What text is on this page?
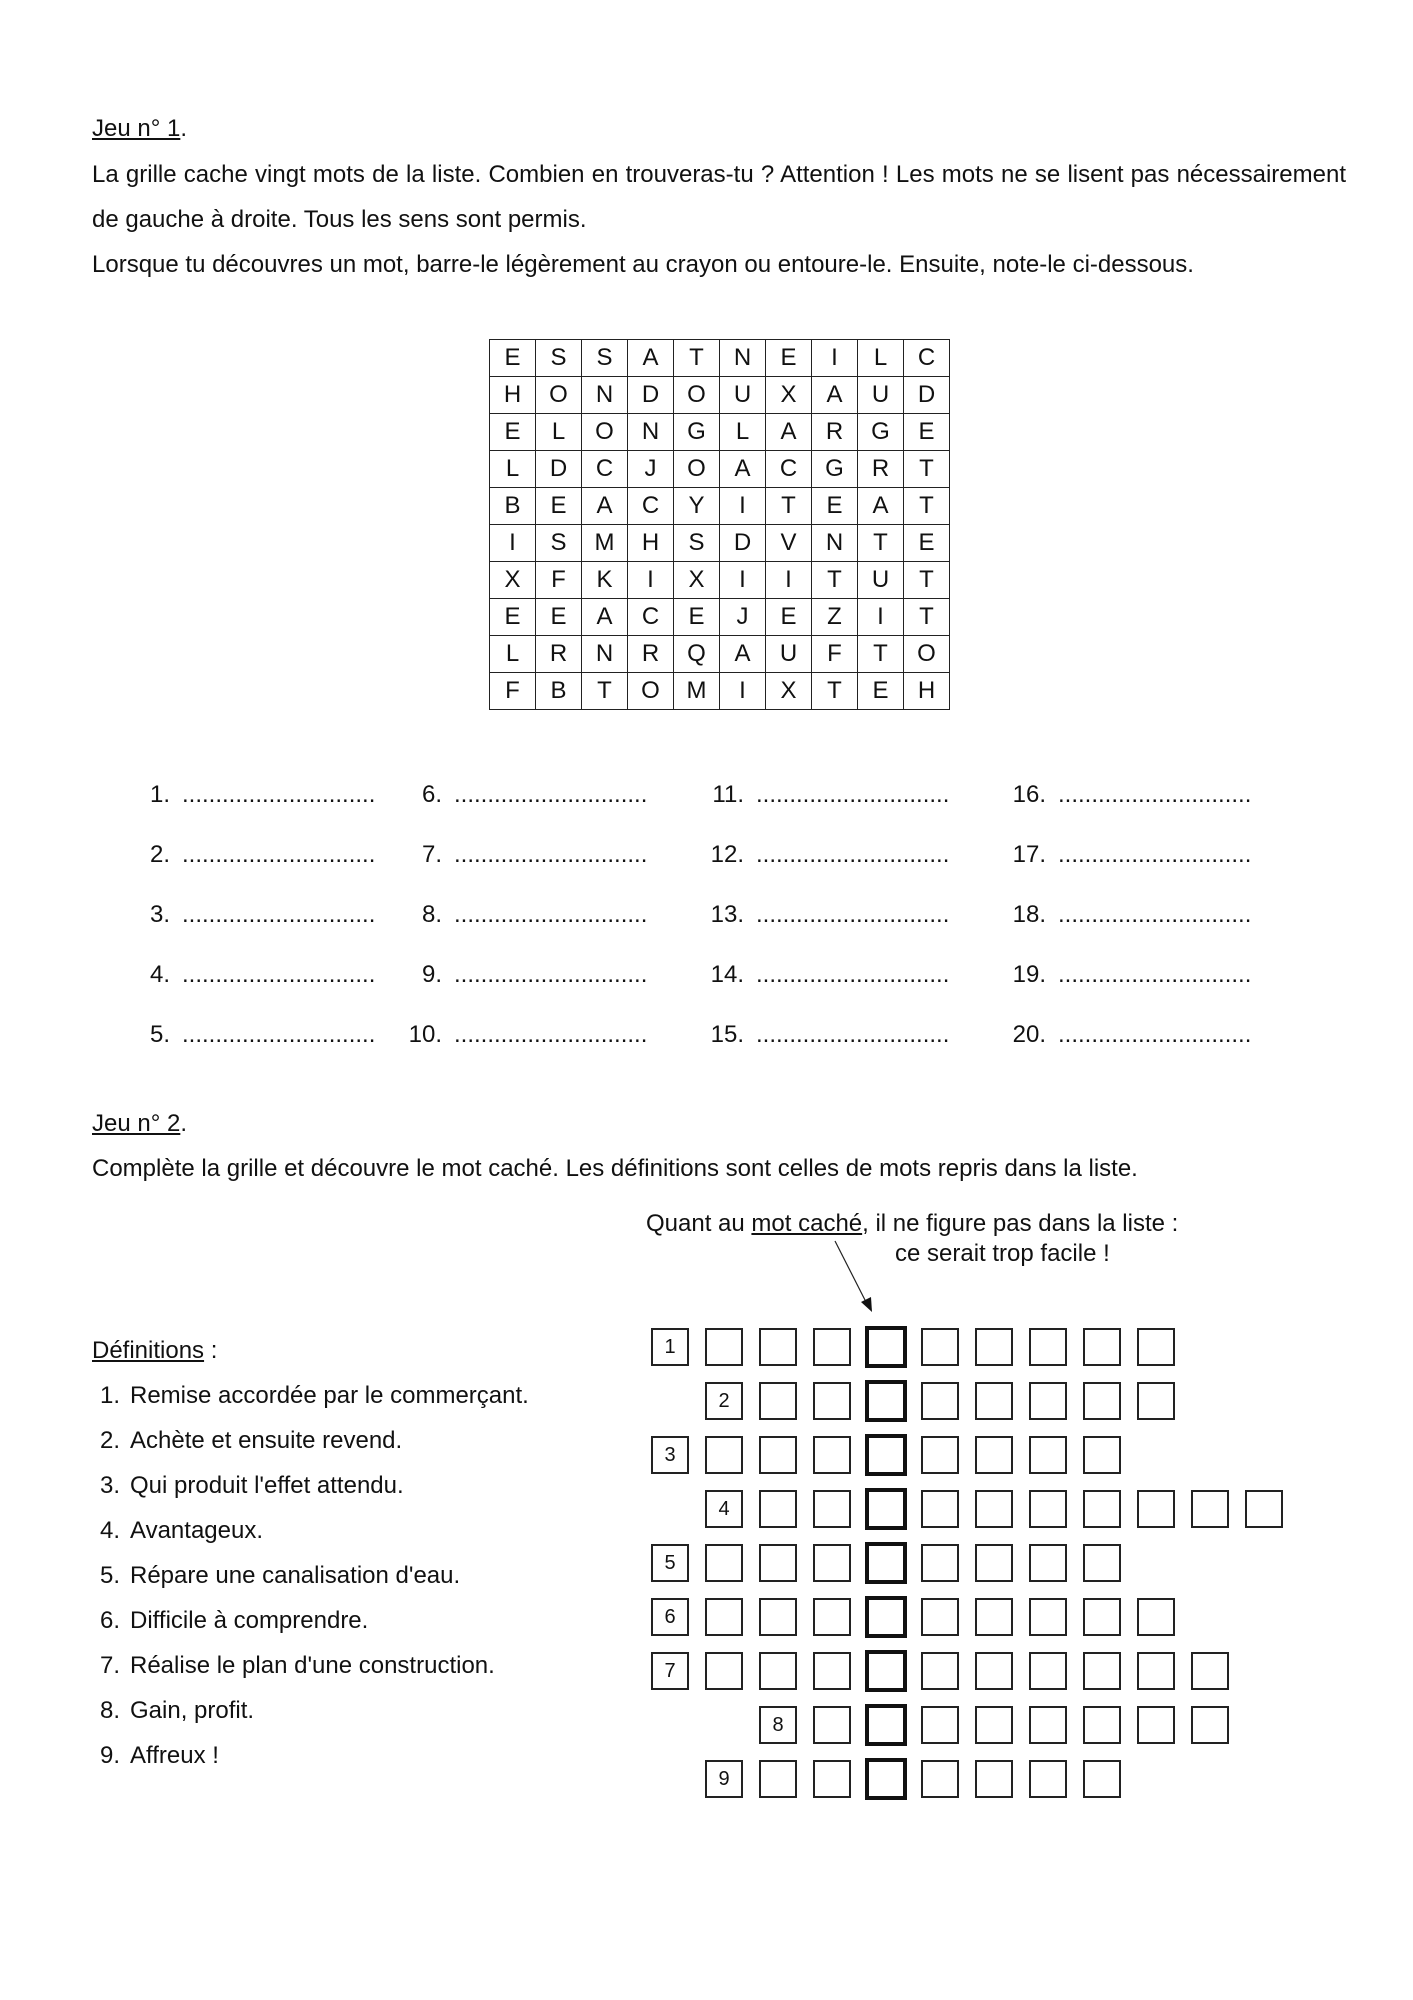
Jeu n° 1.

La grille cache vingt mots de la liste. Combien en trouveras-tu ? Attention ! Les mots ne se lisent pas nécessairement de gauche à droite. Tous les sens sont permis.

Lorsque tu découvres un mot, barre-le légèrement au crayon ou entoure-le. Ensuite, note-le ci-dessous.

E	S	S	A	T	N	E	I	L	C
H	O	N	D	O	U	X	A	U	D
E	L	O	N	G	L	A	R	G	E
L	D	C	J	O	A	C	G	R	T
B	E	A	C	Y	I	T	E	A	T
I	S	M	H	S	D	V	N	T	E
X	F	K	I	X	I	I	T	U	T
E	E	A	C	E	J	E	Z	I	T
L	R	N	R	Q	A	U	F	T	O
F	B	T	O	M	I	X	T	E	H
1. .............................
2. .............................
3. .............................
4. .............................
5. .............................
6. .............................
7. .............................
8. .............................
9. .............................
10. .............................
11. .............................
12. .............................
13. .............................
14. .............................
15. .............................
16. .............................
17. .............................
18. .............................
19. .............................
20. .............................
Jeu n° 2.
Complète la grille et découvre le mot caché. Les définitions sont celles de mots repris dans la liste.
Quant au mot caché, il ne figure pas dans la liste :
ce serait trop facile !
Définitions :
1. Remise accordée par le commerçant.
2. Achète et ensuite revend.
3. Qui produit l'effet attendu.
4. Avantageux.
5. Répare une canalisation d'eau.
6. Difficile à comprendre.
7. Réalise le plan d'une construction.
8. Gain, profit.
9. Affreux !
1
2
3
4
5
6
7
8
9
